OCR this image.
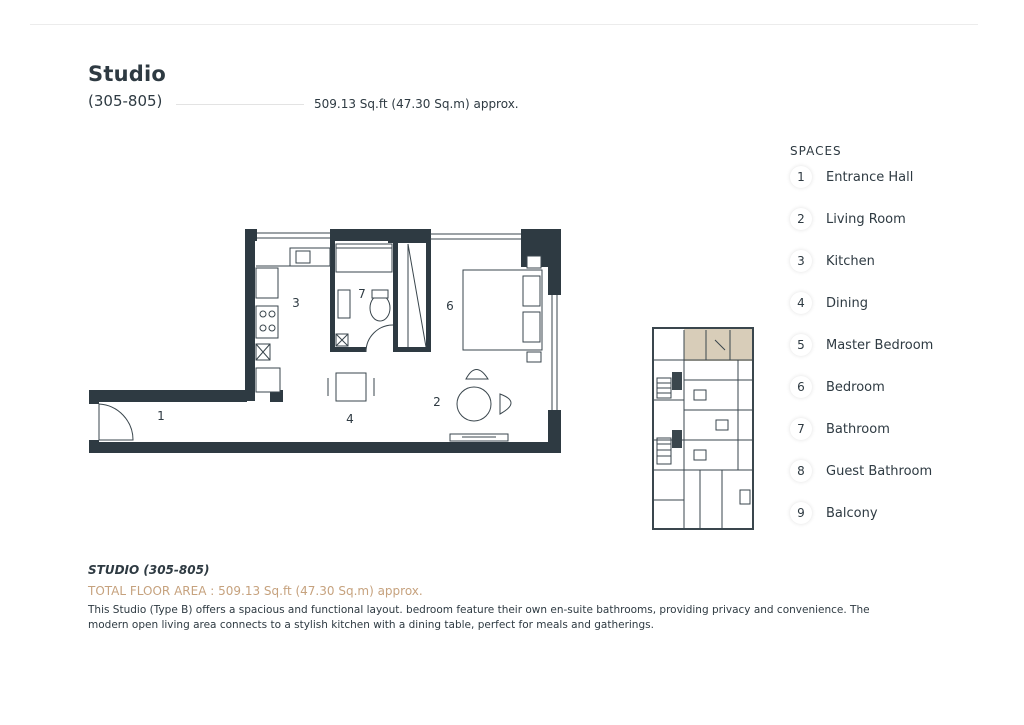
Studio
(305-805)	509.13 Sq.ft (47.30 Sq.m) approx.
1
2
3
4
6
7
SPACES
1	Entrance Hall
2	Living Room
3	Kitchen
4	Dining
5	Master Bedroom
6	Bedroom
7	Bathroom
8	Guest Bathroom
9	Balcony
STUDIO (305-805)
TOTAL FLOOR AREA : 509.13 Sq.ft (47.30 Sq.m) approx.
This Studio (Type B) offers a spacious and functional layout. bedroom feature their own en-suite bathrooms, providing privacy and convenience. The modern open living area connects to a stylish kitchen with a dining table, perfect for meals and gatherings.
